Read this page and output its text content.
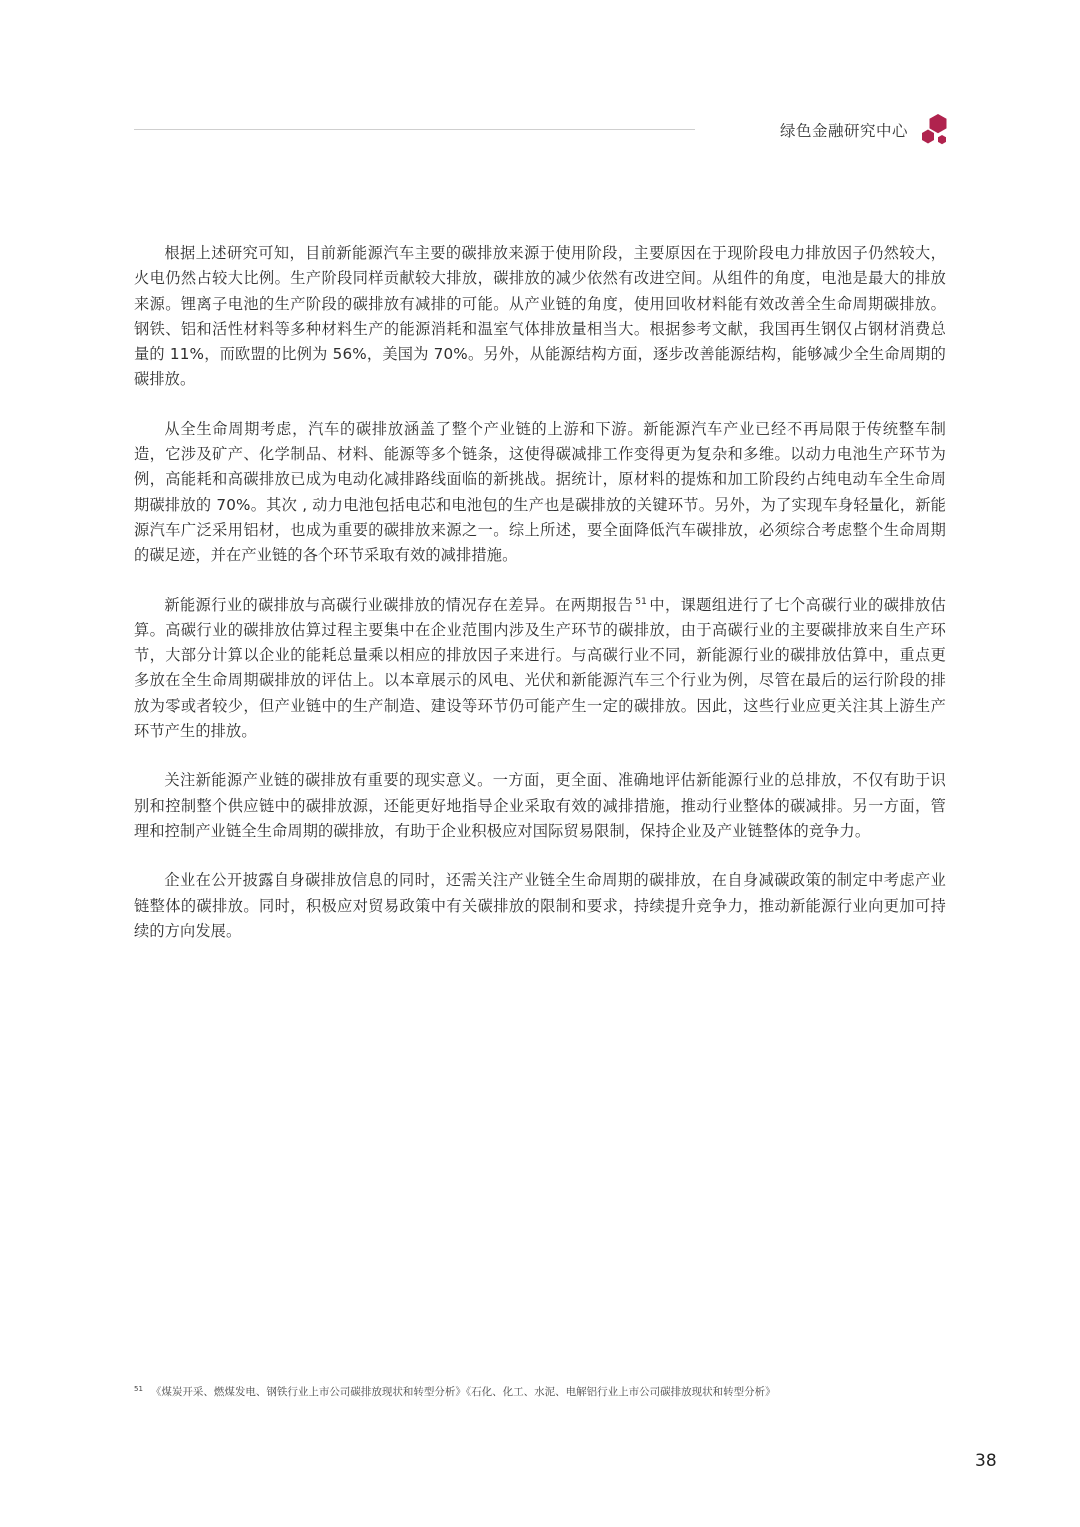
绿色金融研究中心

根据上述研究可知，目前新能源汽车主要的碳排放来源于使用阶段，主要原因在于现阶段电力排放因子仍然较大，火电仍然占较大比例。生产阶段同样贡献较大排放，碳排放的减少依然有改进空间。从组件的角度，电池是最大的排放来源。锂离子电池的生产阶段的碳排放有减排的可能。从产业链的角度，使用回收材料能有效改善全生命周期碳排放。钢铁、铝和活性材料等多种材料生产的能源消耗和温室气体排放量相当大。根据参考文献，我国再生钢仅占钢材消费总量的 11%，而欧盟的比例为 56%，美国为 70%。另外，从能源结构方面，逐步改善能源结构，能够减少全生命周期的碳排放。

从全生命周期考虑，汽车的碳排放涵盖了整个产业链的上游和下游。新能源汽车产业已经不再局限于传统整车制造，它涉及矿产、化学制品、材料、能源等多个链条，这使得碳减排工作变得更为复杂和多维。以动力电池生产环节为例，高能耗和高碳排放已成为电动化减排路线面临的新挑战。据统计，原材料的提炼和加工阶段约占纯电动车全生命周期碳排放的 70%。其次 , 动力电池包括电芯和电池包的生产也是碳排放的关键环节。另外，为了实现车身轻量化，新能源汽车广泛采用铝材，也成为重要的碳排放来源之一。综上所述，要全面降低汽车碳排放，必须综合考虑整个生命周期的碳足迹，并在产业链的各个环节采取有效的减排措施。

新能源行业的碳排放与高碳行业碳排放的情况存在差异。在两期报告 $^{51}$ 中，课题组进行了七个高碳行业的碳排放估算。高碳行业的碳排放估算过程主要集中在企业范围内涉及生产环节的碳排放，由于高碳行业的主要碳排放来自生产环节，大部分计算以企业的能耗总量乘以相应的排放因子来进行。与高碳行业不同，新能源行业的碳排放估算中，重点更多放在全生命周期碳排放的评估上。以本章展示的风电、光伏和新能源汽车三个行业为例，尽管在最后的运行阶段的排放为零或者较少，但产业链中的生产制造、建设等环节仍可能产生一定的碳排放。因此，这些行业应更关注其上游生产环节产生的排放。

关注新能源产业链的碳排放有重要的现实意义。一方面，更全面、准确地评估新能源行业的总排放，不仅有助于识别和控制整个供应链中的碳排放源，还能更好地指导企业采取有效的减排措施，推动行业整体的碳减排。另一方面，管理和控制产业链全生命周期的碳排放，有助于企业积极应对国际贸易限制，保持企业及产业链整体的竞争力。

企业在公开披露自身碳排放信息的同时，还需关注产业链全生命周期的碳排放，在自身减碳政策的制定中考虑产业链整体的碳排放。同时，积极应对贸易政策中有关碳排放的限制和要求，持续提升竞争力，推动新能源行业向更加可持续的方向发展。

$^{51}$ 《煤炭开采、燃煤发电、钢铁行业上市公司碳排放现状和转型分析》《石化、化工、水泥、电解铝行业上市公司碳排放现状和转型分析》
38
